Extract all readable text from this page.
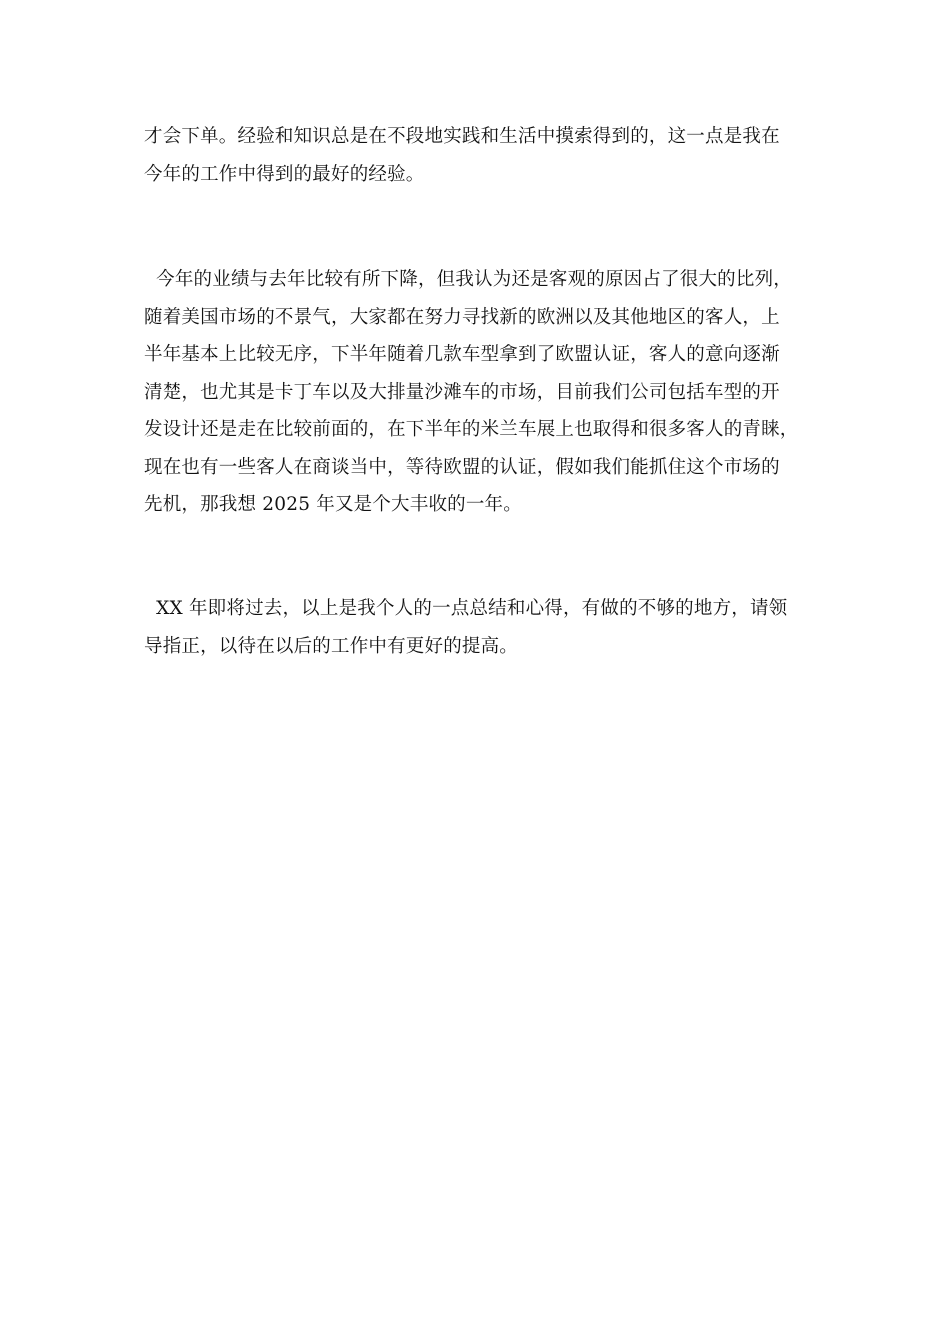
才会下单。经验和知识总是在不段地实践和生活中摸索得到的，这一点是我在
今年的工作中得到的最好的经验。

今年的业绩与去年比较有所下降，但我认为还是客观的原因占了很大的比列，
随着美国市场的不景气，大家都在努力寻找新的欧洲以及其他地区的客人，上
半年基本上比较无序，下半年随着几款车型拿到了欧盟认证，客人的意向逐渐
清楚，也尤其是卡丁车以及大排量沙滩车的市场，目前我们公司包括车型的开
发设计还是走在比较前面的，在下半年的米兰车展上也取得和很多客人的青睐，
现在也有一些客人在商谈当中，等待欧盟的认证，假如我们能抓住这个市场的
先机，那我想 2025 年又是个大丰收的一年。

XX 年即将过去，以上是我个人的一点总结和心得，有做的不够的地方，请领
导指正，以待在以后的工作中有更好的提高。
